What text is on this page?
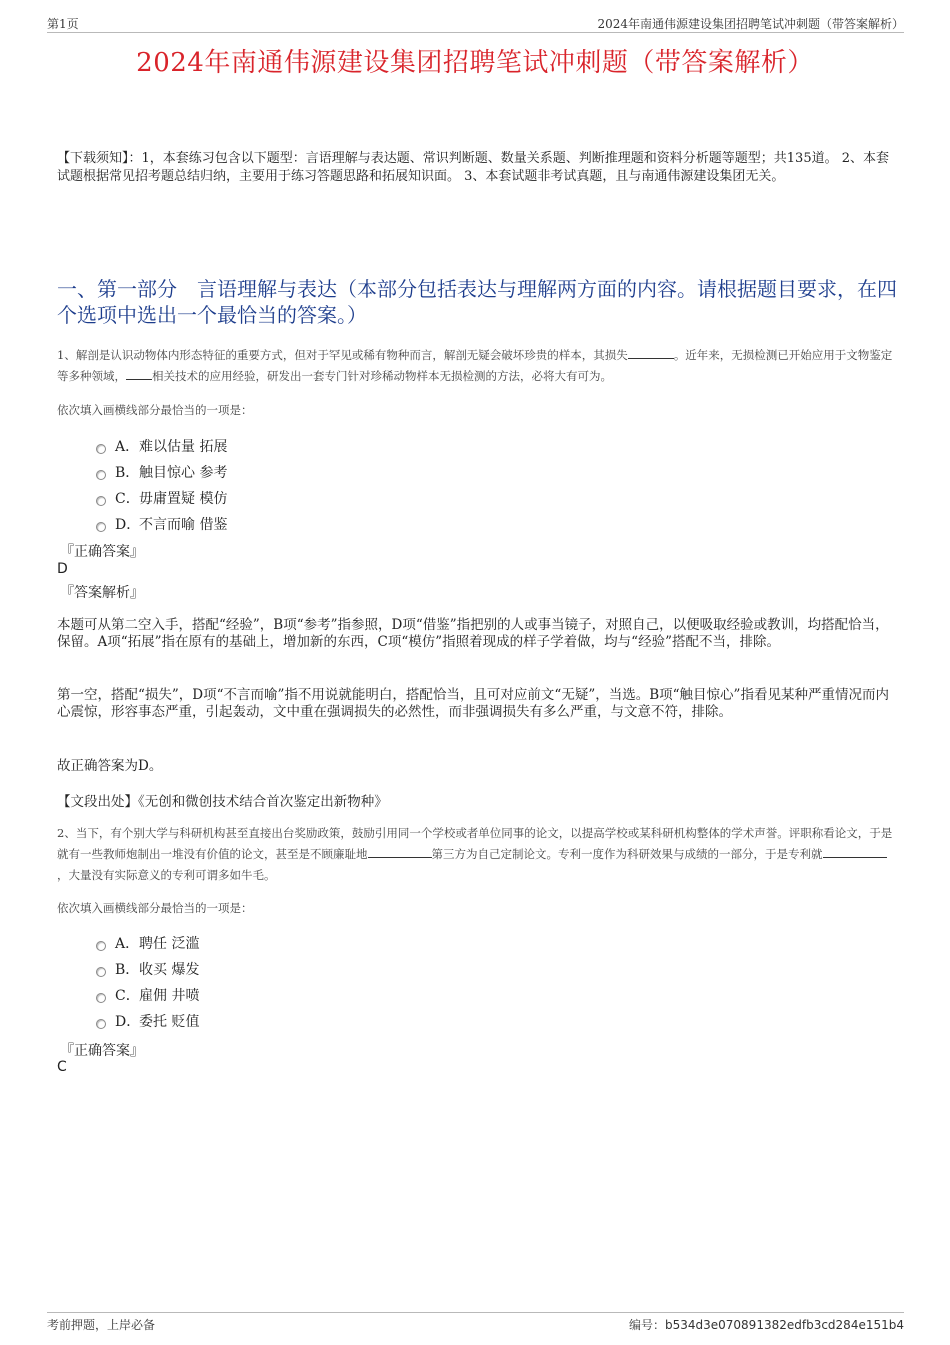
第1页	2024年南通伟源建设集团招聘笔试冲刺题（带答案解析）
2024年南通伟源建设集团招聘笔试冲刺题（带答案解析）
【下载须知】：1，本套练习包含以下题型：言语理解与表达题、常识判断题、数量关系题、判断推理题和资料分析题等题型；共135道。 2、本套试题根据常见招考题总结归纳，主要用于练习答题思路和拓展知识面。 3、本套试题非考试真题，且与南通伟源建设集团无关。
一、第一部分　言语理解与表达（本部分包括表达与理解两方面的内容。请根据题目要求，在四个选项中选出一个最恰当的答案。）
1、解剖是认识动物体内形态特征的重要方式，但对于罕见或稀有物种而言，解剖无疑会破坏珍贵的样本，其损失	。近年来，无损检测已开始应用于文物鉴定等多种领域， 相关技术的应用经验，研发出一套专门针对珍稀动物样本无损检测的方法，必将大有可为。
依次填入画横线部分最恰当的一项是：
A． 难以估量 拓展
B． 触目惊心 参考
C． 毋庸置疑 模仿
D．
不言而喻 借鉴
『正确答案』
D
『答案解析』
本题可从第二空入手，搭配“经验”，B项“参考”指参照，D项“借鉴”指把别的人或事当镜子，对照自己，以便吸取经验或教训，均搭配恰当，保留。A项“拓展”指在原有的基础上，增加新的东西，C项“模仿”指照着现成的样子学着做，均与“经验”搭配不当，排除。
第一空，搭配“损失”，D项“不言而喻”指不用说就能明白，搭配恰当，且可对应前文“无疑”，当选。B项“触目惊心”指看见某种严重情况而内心震惊，形容事态严重，引起轰动，文中重在强调损失的必然性，而非强调损失有多么严重，与文意不符，排除。
故正确答案为D。
【文段出处】《无创和微创技术结合首次鉴定出新物种》
2、当下，有个别大学与科研机构甚至直接出台奖励政策，鼓励引用同一个学校或者单位同事的论文，以提高学校或某科研机构整体的学术声誉。评职称看论文，于是就有一些教师炮制出一堆没有价值的论文，甚至是不顾廉耻地	第三方为自己定制论文。专利一度作为科研效果与成绩的一部分，于是专利就，大量没有实际意义的专利可谓多如牛毛。
依次填入画横线部分最恰当的一项是：
A． 聘任 泛滥
B． 收买 爆发
C． 雇佣 井喷
D．
委托 贬值
『正确答案』
C
考前押题，上岸必备	编号：b534d3e070891382edfb3cd284e151b4
